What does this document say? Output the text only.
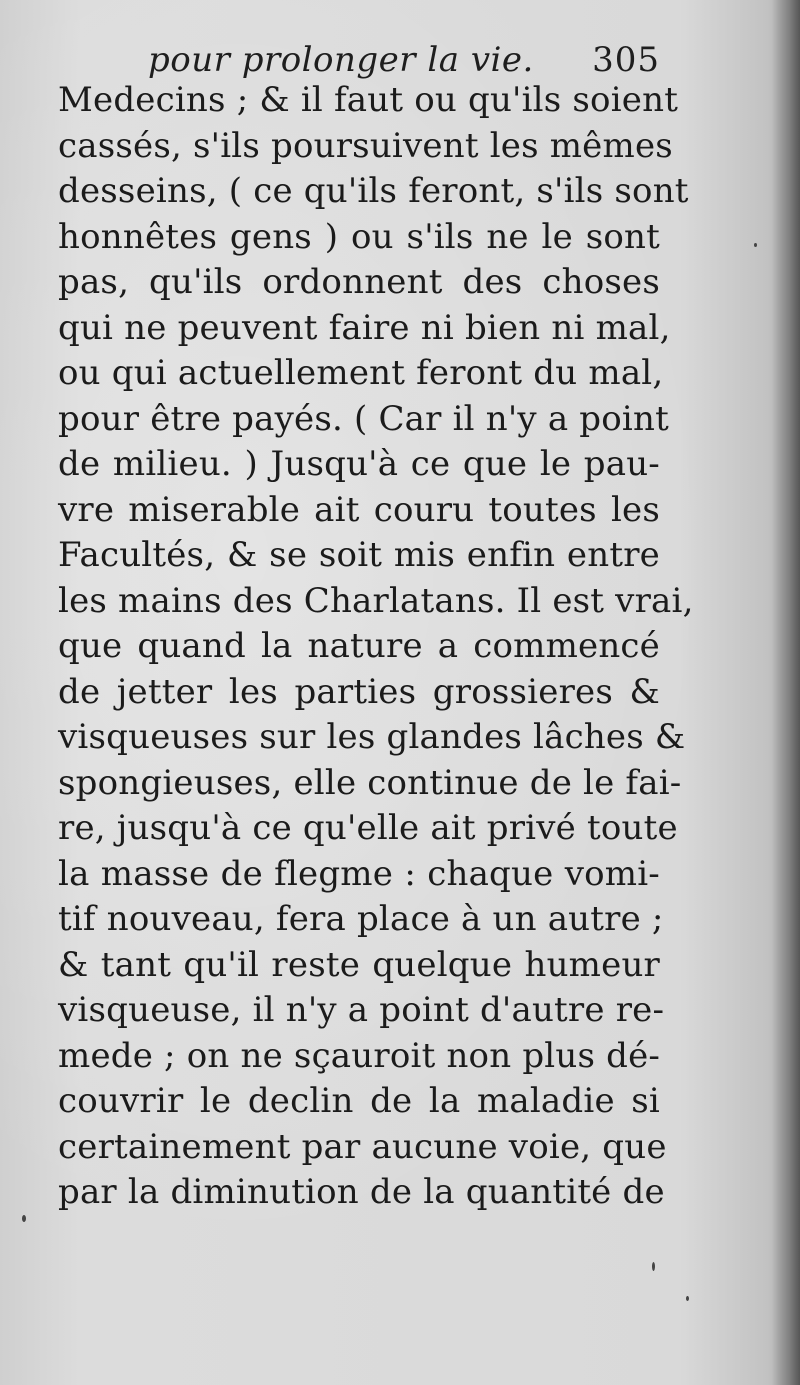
pour prolonger la vie. 305
Medecins ; & il faut ou qu'ils soient
cassés, s'ils poursuivent les mêmes
desseins, ( ce qu'ils feront, s'ils sont
honnêtes gens ) ou s'ils ne le sont
pas, qu'ils ordonnent des choses
qui ne peuvent faire ni bien ni mal,
ou qui actuellement feront du mal,
pour être payés. ( Car il n'y a point
de milieu. ) Jusqu'à ce que le pau-
vre miserable ait couru toutes les
Facultés, & se soit mis enfin entre
les mains des Charlatans. Il est vrai,
que quand la nature a commencé
de jetter les parties grossieres &
visqueuses sur les glandes lâches &
spongieuses, elle continue de le fai-
re, jusqu'à ce qu'elle ait privé toute
la masse de flegme : chaque vomi-
tif nouveau, fera place à un autre ;
& tant qu'il reste quelque humeur
visqueuse, il n'y a point d'autre re-
mede ; on ne sçauroit non plus dé-
couvrir le declin de la maladie si
certainement par aucune voie, que
par la diminution de la quantité de
